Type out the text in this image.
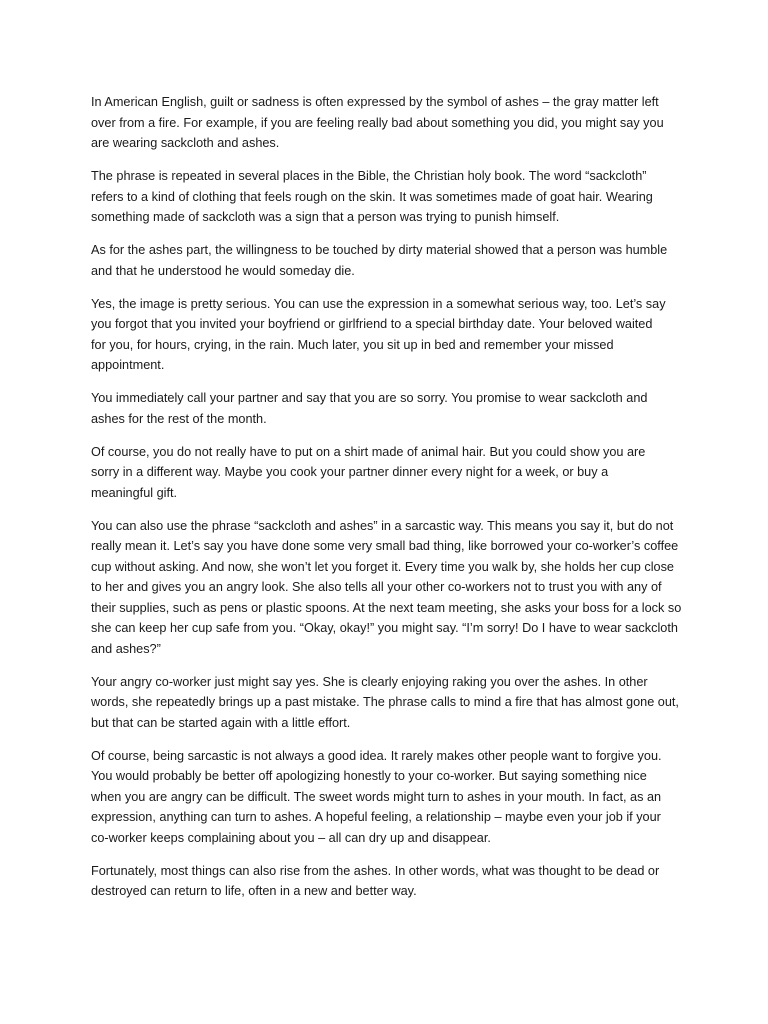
In American English, guilt or sadness is often expressed by the symbol of ashes – the gray matter left
over from a fire. For example, if you are feeling really bad about something you did, you might say you
are wearing sackcloth and ashes.

The phrase is repeated in several places in the Bible, the Christian holy book. The word “sackcloth”
refers to a kind of clothing that feels rough on the skin. It was sometimes made of goat hair. Wearing
something made of sackcloth was a sign that a person was trying to punish himself.

As for the ashes part, the willingness to be touched by dirty material showed that a person was humble
and that he understood he would someday die.

Yes, the image is pretty serious. You can use the expression in a somewhat serious way, too. Let’s say
you forgot that you invited your boyfriend or girlfriend to a special birthday date. Your beloved waited
for you, for hours, crying, in the rain. Much later, you sit up in bed and remember your missed
appointment.

You immediately call your partner and say that you are so sorry. You promise to wear sackcloth and
ashes for the rest of the month.

Of course, you do not really have to put on a shirt made of animal hair. But you could show you are
sorry in a different way. Maybe you cook your partner dinner every night for a week, or buy a
meaningful gift.

You can also use the phrase “sackcloth and ashes” in a sarcastic way. This means you say it, but do not
really mean it. Let’s say you have done some very small bad thing, like borrowed your co-worker’s coffee
cup without asking. And now, she won’t let you forget it. Every time you walk by, she holds her cup close
to her and gives you an angry look. She also tells all your other co-workers not to trust you with any of
their supplies, such as pens or plastic spoons. At the next team meeting, she asks your boss for a lock so
she can keep her cup safe from you. “Okay, okay!” you might say. “I’m sorry! Do I have to wear sackcloth
and ashes?”

Your angry co-worker just might say yes. She is clearly enjoying raking you over the ashes. In other
words, she repeatedly brings up a past mistake. The phrase calls to mind a fire that has almost gone out,
but that can be started again with a little effort.

Of course, being sarcastic is not always a good idea. It rarely makes other people want to forgive you.
You would probably be better off apologizing honestly to your co-worker. But saying something nice
when you are angry can be difficult. The sweet words might turn to ashes in your mouth. In fact, as an
expression, anything can turn to ashes. A hopeful feeling, a relationship – maybe even your job if your
co-worker keeps complaining about you – all can dry up and disappear.

Fortunately, most things can also rise from the ashes. In other words, what was thought to be dead or
destroyed can return to life, often in a new and better way.
